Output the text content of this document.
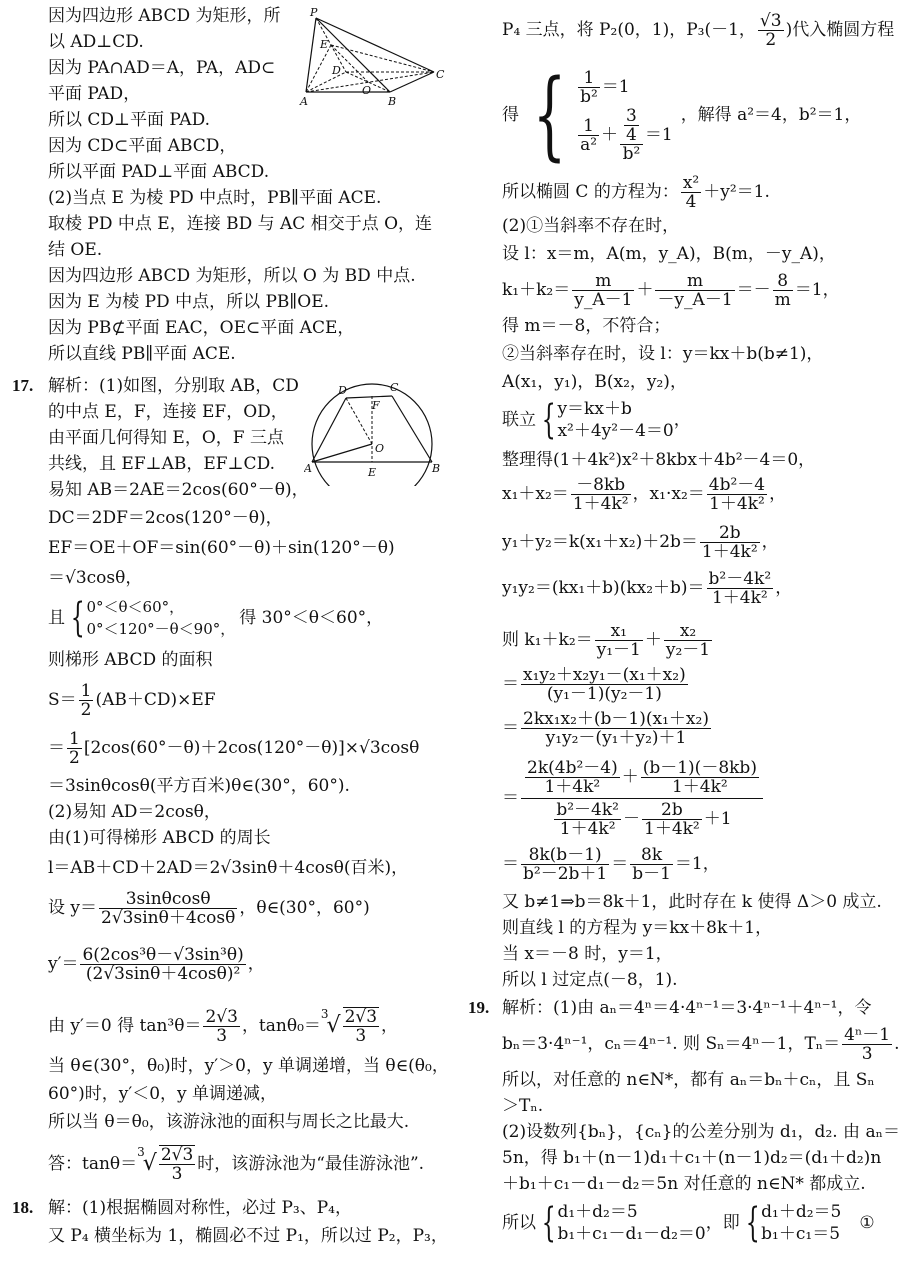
因为四边形 ABCD 为矩形，所
以 AD⊥CD.
因为 PA∩AD＝A，PA，AD⊂
平面 PAD，
所以 CD⊥平面 PAD.
因为 CD⊂平面 ABCD，
所以平面 PAD⊥平面 ABCD.
(2)当点 E 为棱 PD 中点时，PB∥平面 ACE.
取棱 PD 中点 E，连接 BD 与 AC 相交于点 O，连
结 OE.
因为四边形 ABCD 为矩形，所以 O 为 BD 中点.
因为 E 为棱 PD 中点，所以 PB∥OE.
因为 PB⊄平面 EAC，OE⊂平面 ACE，
所以直线 PB∥平面 ACE.
P
E
D
A
O
B
C
17. 解析：(1)如图，分别取 AB，CD
的中点 E，F，连接 EF，OD，
由平面几何得知 E，O，F 三点
共线，且 EF⊥AB，EF⊥CD.
易知 AB＝2AE＝2cos(60°－θ)，
DC＝2DF＝2cos(120°－θ)，
EF＝OE＋OF＝sin(60°－θ)＋sin(120°－θ)
＝√3cosθ，
D	C
F
O
A	E	B
且 { 0°＜θ＜60°，
0°＜120°－θ＜90°，
得 30°＜θ＜60°，
则梯形 ABCD 的面积
$S= \frac{1}{2} (AB+CD)\times EF$
＝ $\frac{1}{2} [2\cos(60^\circ-\theta)+2\cos(120^\circ-\theta)]\times√3\cos\theta$
＝3sinθcosθ(平方百米)θ∈(30°，60°).
(2)易知 AD＝2cosθ，
由(1)可得梯形 ABCD 的周长
l＝AB＋CD＋2AD＝2√3sinθ＋4cosθ(百米)，
设 $y= \frac{3\sin\theta\cos\theta}{2√3\sin\theta+4\cos\theta}$ ，θ∈(30°，60°)
$y'= \frac{\text{6(2cos³θ－√3sin³θ)}}{\text{(2√3sinθ＋4cosθ)²}}$ ，
由 y′＝0 得 $\tan^3\theta= \frac{2√3}{3}$ ，tanθ₀＝
3
√ $\frac{2√3}{3}$ ，
当 θ∈(30°，θ₀)时，y′＞0，y 单调递增，当 θ∈(θ₀，
60°)时，y′＜0，y 单调递减，
所以当 θ＝θ₀，该游泳池的面积与周长之比最大.
答：tanθ＝
3
√ $\frac{2√3}{3}$ 时，该游泳池为“最佳游泳池”.
18. 解：(1)根据椭圆对称性，必过 P₃、P₄，
又 P₄ 横坐标为 1，椭圆必不过 P₁，所以过 P₂，P₃，
P₄ 三点，将 P₂(0，1)，P₃(－1， $\frac{√3}{2}$ )代入椭圆方程
得 { $\frac{1}{\text{b²}} =1$
$\frac{1}{\text{a²}} + \frac{\frac{3}{4}}{\text{b²}} =1$
，解得 a²＝4，b²＝1，
所以椭圆 C 的方程为： $\frac{\text{x²}}{4} +y^2=1$.
(2)①当斜率不存在时，
设 l：x＝m，A(m，y_A)，B(m，－y_A)，
$k_1+k_2= \frac{m}{y\_A-1} + \frac{m}{-y\_A-1} =- \frac{8}{m} =1$，
得 m＝－8，不符合；
②当斜率存在时，设 l：y＝kx＋b(b≠1)，
A(x₁，y₁)，B(x₂，y₂)，
联立 { y＝kx＋b
x²＋4y²－4＝0
，
整理得(1＋4k²)x²＋8kbx＋4b²－4＝0，
$x_1+x_2= \frac{-8kb}{\text{1＋4k²}}$ ，$x_1\cdot x_2= \frac{\text{4b²－4}}{\text{1＋4k²}}$ ，
$y_1+y_2=k(x_1+x_2)+2b= \frac{2b}{\text{1＋4k²}}$ ，
$y_1y_2=(kx_1+b)(kx_2+b)= \frac{\text{b²－4k²}}{\text{1＋4k²}}$ ，
则 $k_1+k_2= \frac{\text{x₁}}{\text{y₁－1}} + \frac{\text{x₂}}{\text{y₂－1}}$
＝ $\frac{\text{x₁y₂＋x₂y₁－(x₁＋x₂)}}{\text{(y₁－1)(y₂－1)}}$
＝ $\frac{\text{2kx₁x₂＋(b－1)(x₁＋x₂)}}{\text{y₁y₂－(y₁＋y₂)＋1}}$
＝ $\frac{\frac{\text{2k(4b²－4)}}{\text{1＋4k²}} + \frac{(b-1)(-8kb)}{\text{1＋4k²}}}{\frac{\text{b²－4k²}}{\text{1＋4k²}} - \frac{2b}{\text{1＋4k²}} +1}$
＝ $\frac{8k(b-1)}{\text{b²－2b＋1}} = \frac{8k}{b-1} =1$，
又 b≠1⇒b＝8k＋1，此时存在 k 使得 Δ＞0 成立.
则直线 l 的方程为 y＝kx＋8k＋1，
当 x＝－8 时，y＝1，
所以 l 过定点(－8，1).
19. 解析：(1)由 aₙ＝4ⁿ＝4·4ⁿ⁻¹＝3·4ⁿ⁻¹＋4ⁿ⁻¹，令
bₙ＝3·4ⁿ⁻¹，cₙ＝4ⁿ⁻¹. 则 Sₙ＝4ⁿ－1，$T_n= \frac{\text{4ⁿ－1}}{3}$ .
所以，对任意的 n∈N*，都有 aₙ＝bₙ＋cₙ，且 Sₙ
＞Tₙ.
(2)设数列{bₙ}，{cₙ}的公差分别为 d₁，d₂. 由 aₙ＝
5n，得 b₁＋(n－1)d₁＋c₁＋(n－1)d₂＝(d₁＋d₂)n
＋b₁＋c₁－d₁－d₂＝5n 对任意的 n∈N* 都成立.
所以 { d₁＋d₂＝5
b₁＋c₁－d₁－d₂＝0
，即 { d₁＋d₂＝5
b₁＋c₁＝5
①
